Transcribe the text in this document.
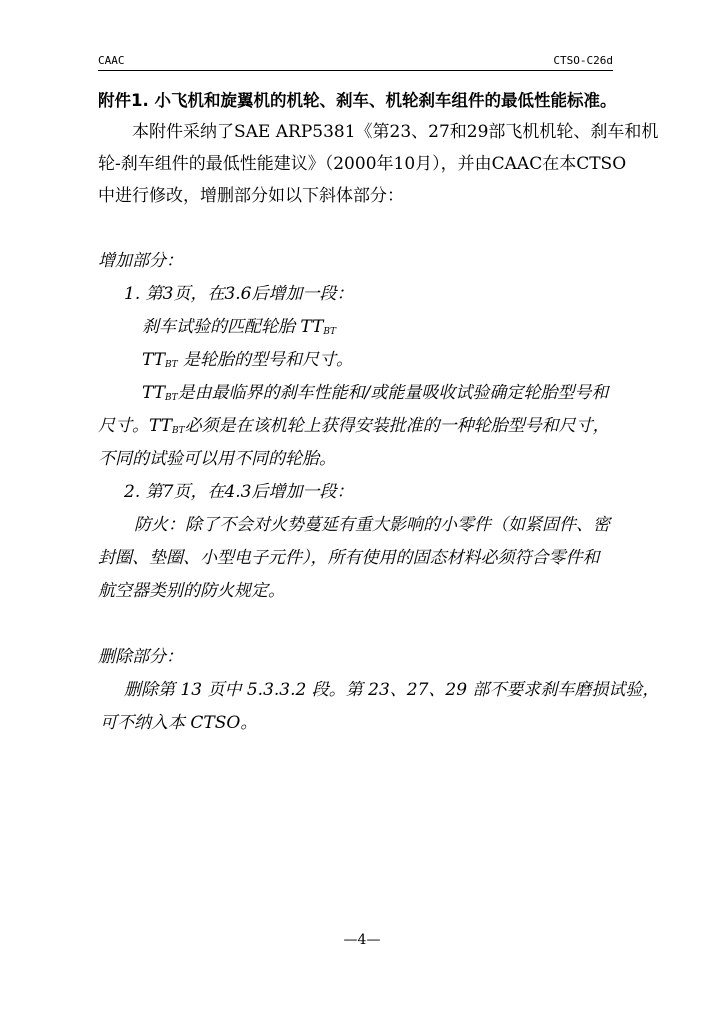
CAAC	CTSO-C26d
附件1. 小飞机和旋翼机的机轮、刹车、机轮刹车组件的最低性能标准。
本附件采纳了SAE ARP5381《第23、27和29部飞机机轮、刹车和机
轮-刹车组件的最低性能建议》（2000年10月），并由CAAC在本CTSO
中进行修改，增删部分如以下斜体部分：
增加部分：
1. 第3页，在3.6后增加一段：
刹车试验的匹配轮胎 $TT_{BT}$
$TT_{BT}$ 是轮胎的型号和尺寸。
$TT_{BT}$是由最临界的刹车性能和/或能量吸收试验确定轮胎型号和
尺寸。$TT_{BT}$必须是在该机轮上获得安装批准的一种轮胎型号和尺寸，
不同的试验可以用不同的轮胎。
2. 第7页，在4.3后增加一段：
防火：除了不会对火势蔓延有重大影响的小零件（如紧固件、密
封圈、垫圈、小型电子元件），所有使用的固态材料必须符合零件和
航空器类别的防火规定。
删除部分：
删除第 13 页中 5.3.3.2 段。第 23、27、29 部不要求刹车磨损试验，
可不纳入本 CTSO。
—4—
